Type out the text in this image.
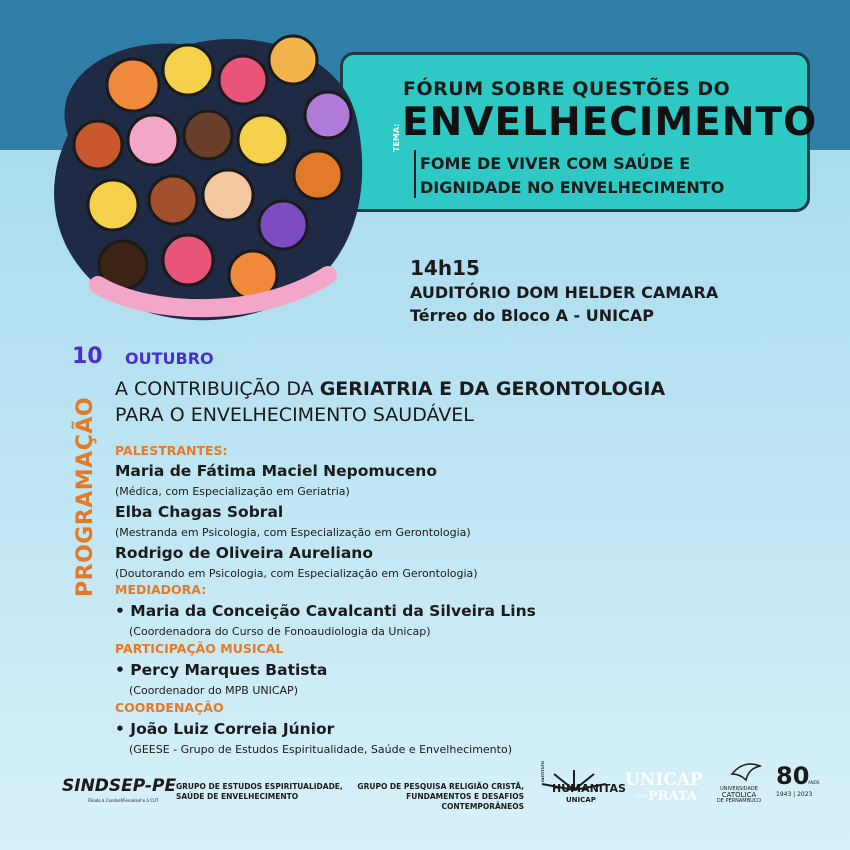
FÓRUM SOBRE QUESTÕES DO
ENVELHECIMENTO
TEMA:
FOME DE VIVER COM SAÚDE E
DIGNIDADE NO ENVELHECIMENTO
14h15
AUDITÓRIO DOM HELDER CAMARA
Térreo do Bloco A - UNICAP
10 OUTUBRO
PROGRAMAÇÃO
A CONTRIBUIÇÃO DA GERIATRIA E DA GERONTOLOGIA
PARA O ENVELHECIMENTO SAUDÁVEL
PALESTRANTES:
Maria de Fátima Maciel Nepomuceno
(Médica, com Especialização em Geriatria)
Elba Chagas Sobral
(Mestranda em Psicologia, com Especialização em Gerontologia)
Rodrigo de Oliveira Aureliano
(Doutorando em Psicologia, com Especialização em Gerontologia)
MEDIADORA:
• Maria da Conceição Cavalcanti da Silveira Lins
(Coordenadora do Curso de Fonoaudiologia da Unicap)
PARTICIPAÇÃO MUSICAL
• Percy Marques Batista
(Coordenador do MPB UNICAP)
COORDENAÇÃO
• João Luiz Correia Júnior
(GEESE - Grupo de Estudos Espiritualidade, Saúde e Envelhecimento)
SINDSEP-PE
Filiado à Condsef/Fenadsef e à CUT
GRUPO DE ESTUDOS ESPIRITUALIDADE,
SAÚDE DE ENVELHECIMENTO
GRUPO DE PESQUISA RELIGIÃO CRISTÃ,
FUNDAMENTOS E DESAFIOS CONTEMPORÂNEOS
INSTITUTO
HUMANITAS
UNICAP
UNICAP
com PRATA	UNIVERSIDADE
CATÓLICA
DE PERNAMBUCO
80
ANOS
1943 | 2023
